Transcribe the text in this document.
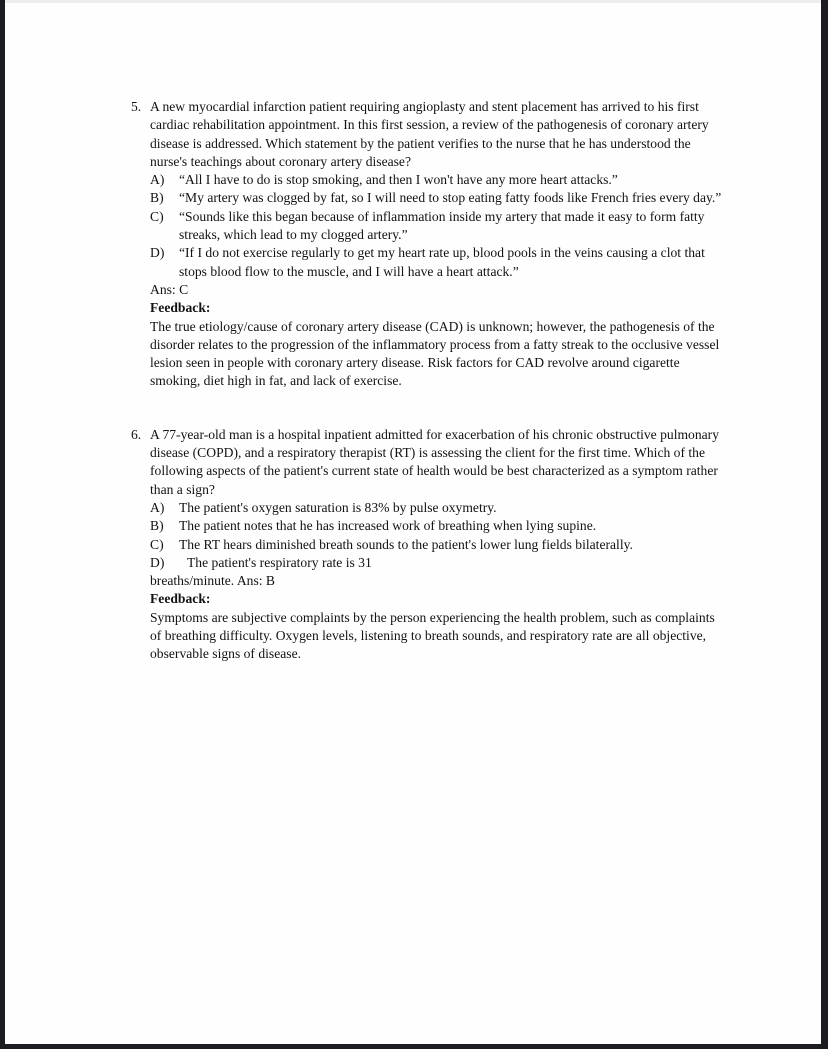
5. A new myocardial infarction patient requiring angioplasty and stent placement has arrived to his first cardiac rehabilitation appointment. In this first session, a review of the pathogenesis of coronary artery disease is addressed. Which statement by the patient verifies to the nurse that he has understood the nurse's teachings about coronary artery disease?
A)	“All I have to do is stop smoking, and then I won't have any more heart attacks.”
B)	“My artery was clogged by fat, so I will need to stop eating fatty foods like French fries every day.”
C)	“Sounds like this began because of inflammation inside my artery that made it easy to form fatty streaks, which lead to my clogged artery.”
D)	“If I do not exercise regularly to get my heart rate up, blood pools in the veins causing a clot that stops blood flow to the muscle, and I will have a heart attack.”
Ans: C
Feedback:
The true etiology/cause of coronary artery disease (CAD) is unknown; however, the pathogenesis of the disorder relates to the progression of the inflammatory process from a fatty streak to the occlusive vessel lesion seen in people with coronary artery disease. Risk factors for CAD revolve around cigarette smoking, diet high in fat, and lack of exercise.
6. A 77-year-old man is a hospital inpatient admitted for exacerbation of his chronic obstructive pulmonary disease (COPD), and a respiratory therapist (RT) is assessing the client for the first time. Which of the following aspects of the patient's current state of health would be best characterized as a symptom rather than a sign?
A)	The patient's oxygen saturation is 83% by pulse oxymetry.
B)	The patient notes that he has increased work of breathing when lying supine.
C)	The RT hears diminished breath sounds to the patient's lower lung fields bilaterally.
D)	The patient's respiratory rate is 31
breaths/minute. Ans: B
Feedback:
Symptoms are subjective complaints by the person experiencing the health problem, such as complaints of breathing difficulty. Oxygen levels, listening to breath sounds, and respiratory rate are all objective, observable signs of disease.
